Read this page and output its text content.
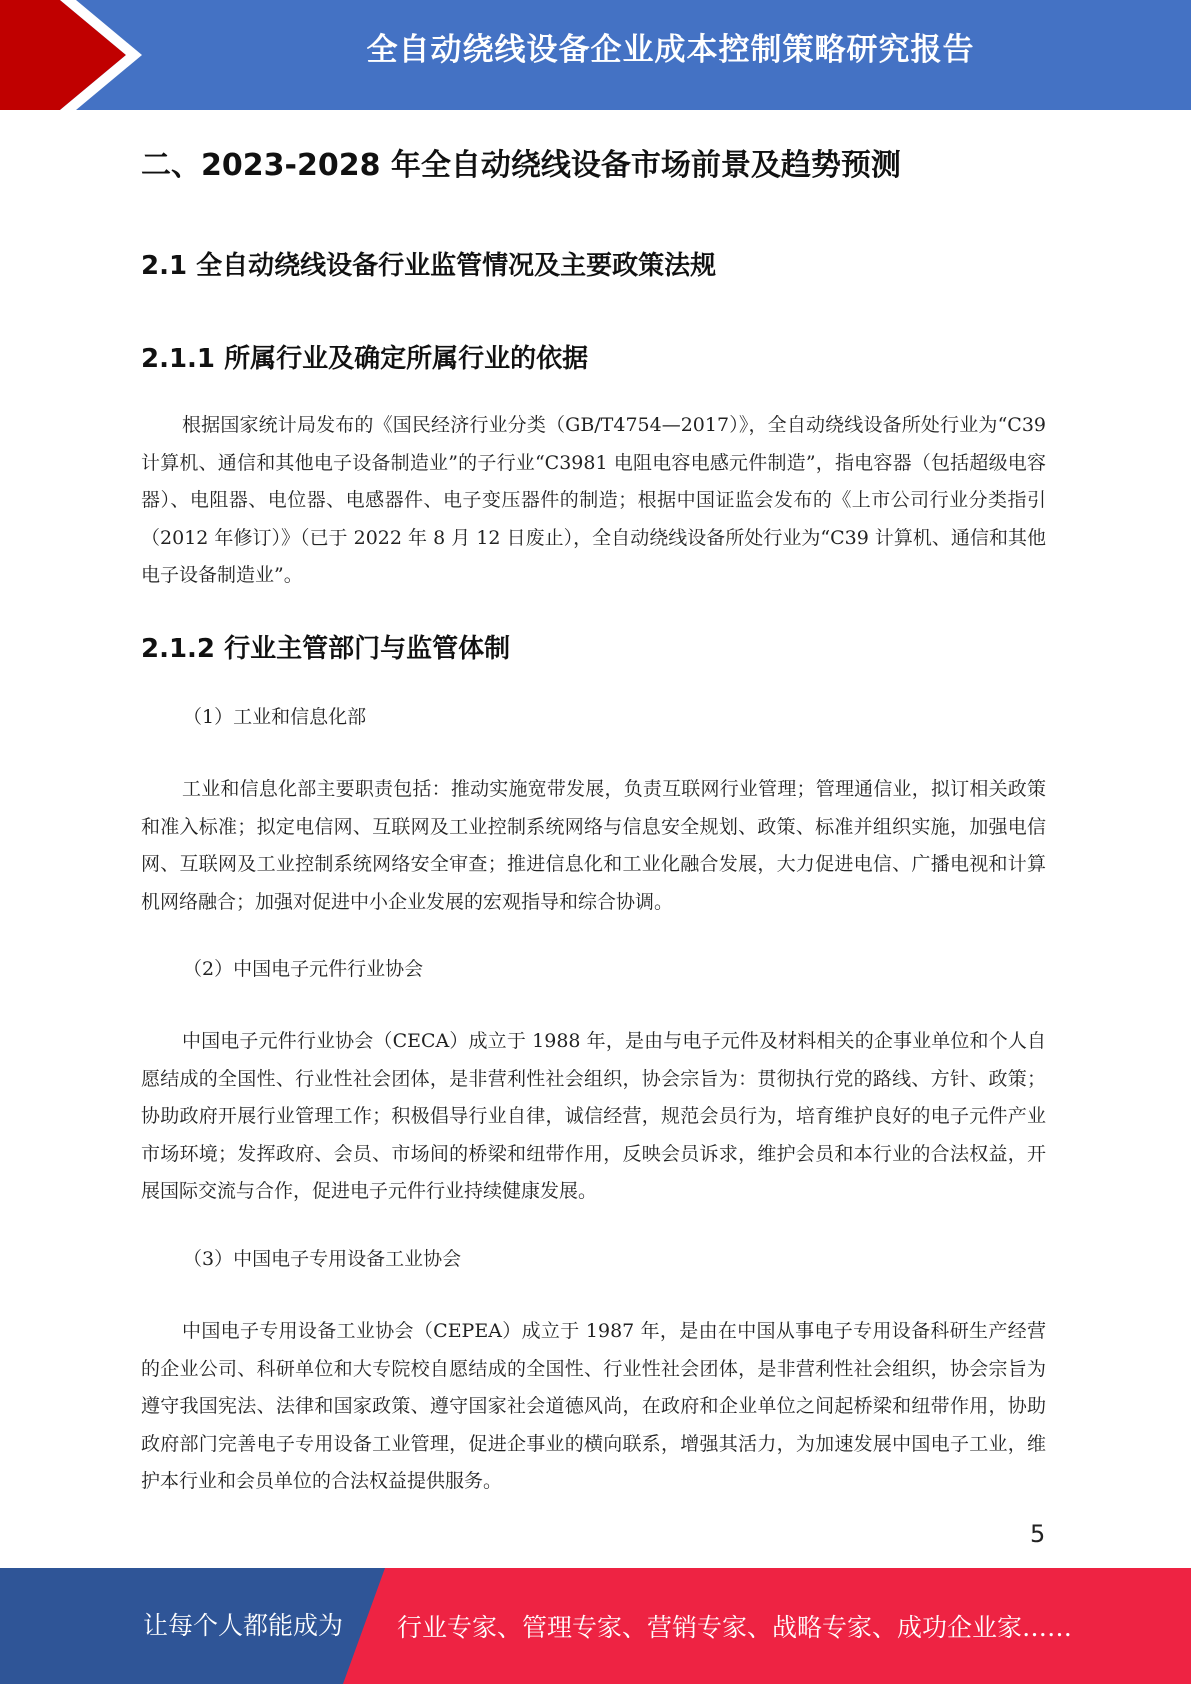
全自动绕线设备企业成本控制策略研究报告
二、2023-2028 年全自动绕线设备市场前景及趋势预测
2.1 全自动绕线设备行业监管情况及主要政策法规
2.1.1 所属行业及确定所属行业的依据

根据国家统计局发布的《国民经济行业分类（GB/T4754—2017）》，全自动绕线设备所处行业为“C39 计算机、通信和其他电子设备制造业”的子行业“C3981 电阻电容电感元件制造”，指电容器（包括超级电容器）、电阻器、电位器、电感器件、电子变压器件的制造；根据中国证监会发布的《上市公司行业分类指引（2012 年修订）》（已于 2022 年 8 月 12 日废止），全自动绕线设备所处行业为“C39 计算机、通信和其他电子设备制造业”。

2.1.2 行业主管部门与监管体制

（1）工业和信息化部

工业和信息化部主要职责包括：推动实施宽带发展，负责互联网行业管理；管理通信业，拟订相关政策和准入标准；拟定电信网、互联网及工业控制系统网络与信息安全规划、政策、标准并组织实施，加强电信网、互联网及工业控制系统网络安全审查；推进信息化和工业化融合发展，大力促进电信、广播电视和计算机网络融合；加强对促进中小企业发展的宏观指导和综合协调。

（2）中国电子元件行业协会

中国电子元件行业协会（CECA）成立于 1988 年，是由与电子元件及材料相关的企事业单位和个人自愿结成的全国性、行业性社会团体，是非营利性社会组织，协会宗旨为：贯彻执行党的路线、方针、政策；协助政府开展行业管理工作；积极倡导行业自律，诚信经营，规范会员行为，培育维护良好的电子元件产业市场环境；发挥政府、会员、市场间的桥梁和纽带作用，反映会员诉求，维护会员和本行业的合法权益，开展国际交流与合作，促进电子元件行业持续健康发展。

（3）中国电子专用设备工业协会

中国电子专用设备工业协会（CEPEA）成立于 1987 年，是由在中国从事电子专用设备科研生产经营的企业公司、科研单位和大专院校自愿结成的全国性、行业性社会团体，是非营利性社会组织，协会宗旨为遵守我国宪法、法律和国家政策、遵守国家社会道德风尚，在政府和企业单位之间起桥梁和纽带作用，协助政府部门完善电子专用设备工业管理，促进企事业的横向联系，增强其活力，为加速发展中国电子工业，维护本行业和会员单位的合法权益提供服务。

5
让每个人都能成为 行业专家、管理专家、营销专家、战略专家、成功企业家……
